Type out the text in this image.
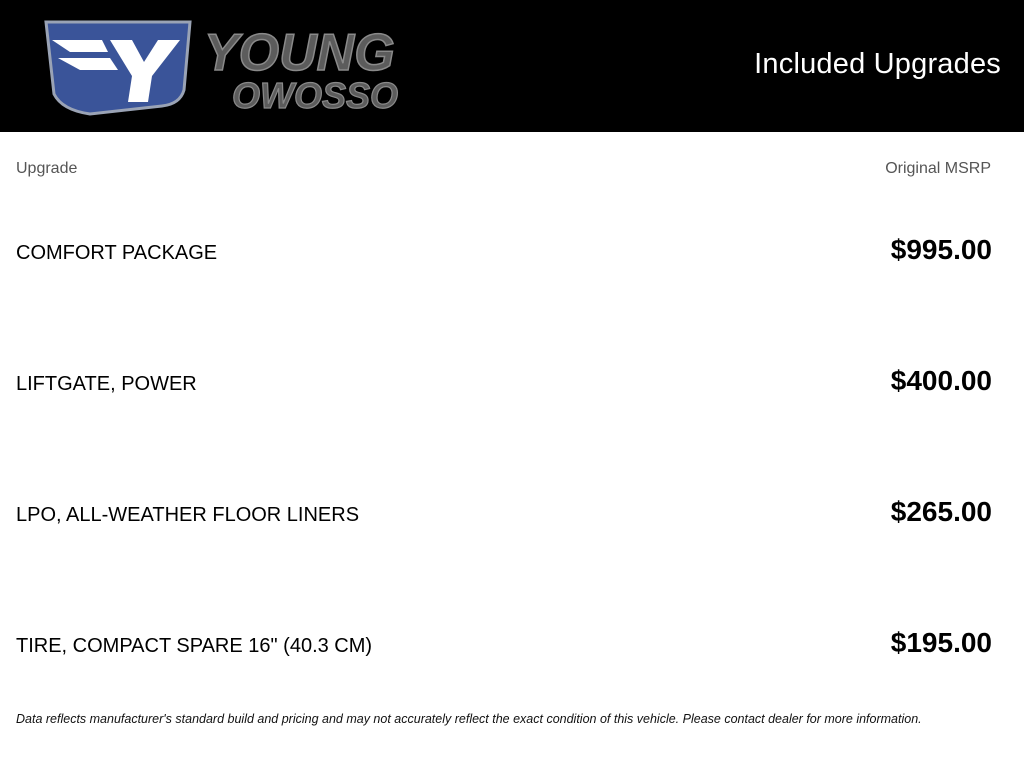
YOUNG
OWOSSO
Included Upgrades
Upgrade	Original MSRP
COMFORT PACKAGE	$995.00
LIFTGATE, POWER	$400.00
LPO, ALL-WEATHER FLOOR LINERS	$265.00
TIRE, COMPACT SPARE 16" (40.3 CM)	$195.00
Data reflects manufacturer's standard build and pricing and may not accurately reflect the exact condition of this vehicle. Please contact dealer for more information.
